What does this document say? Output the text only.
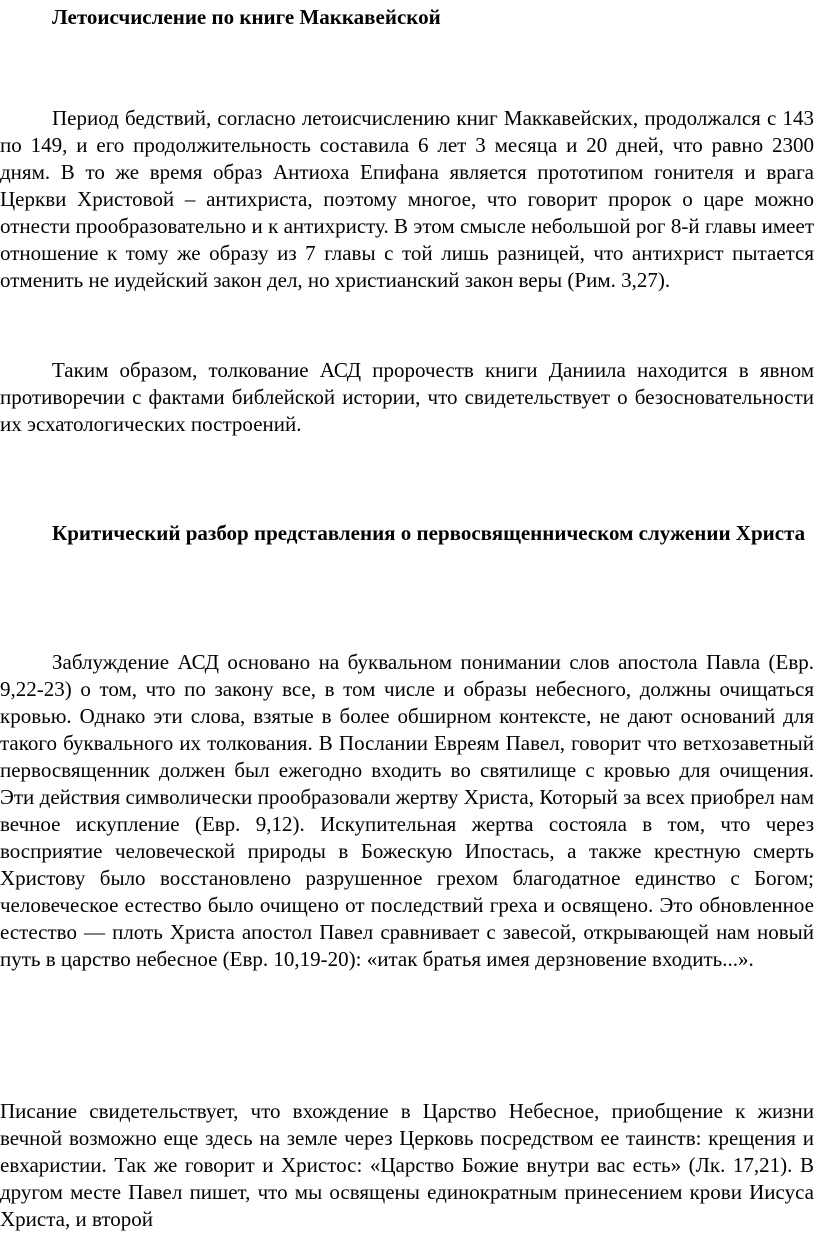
Летоисчисление по книге Маккавейской

Период бедствий, согласно летоисчислению книг Маккавейских, продолжался с 143 по 149, и его продолжительность составила 6 лет 3 месяца и 20 дней, что равно 2300 дням. В то же время образ Антиоха Епифана является прототипом гонителя и врага Церкви Христовой – антихриста, поэтому многое, что говорит пророк о царе можно отнести прообразовательно и к антихристу. В этом смысле небольшой рог 8-й главы имеет отношение к тому же образу из 7 главы с той лишь разницей, что антихрист пытается отменить не иудейский закон дел, но христианский закон веры (Рим. 3,27).

Таким образом, толкование АСД пророчеств книги Даниила находится в явном противоречии с фактами библейской истории, что свидетельствует о безосновательности их эсхатологических построений.

Критический разбор представления о первосвященническом служении Христа

Заблуждение АСД основано на буквальном понимании слов апостола Павла (Евр. 9,22-23) о том, что по закону все, в том числе и образы небесного, должны очищаться кровью. Однако эти слова, взятые в более обширном контексте, не дают оснований для такого буквального их толкования. В Послании Евреям Павел, говорит что ветхозаветный первосвященник должен был ежегодно входить во святилище с кровью для очищения. Эти действия символически прообразовали жертву Христа, Который за всех приобрел нам вечное искупление (Евр. 9,12). Искупительная жертва состояла в том, что через восприятие человеческой природы в Божескую Ипостась, а также крестную смерть Христову было восстановлено разрушенное грехом благодатное единство с Богом; человеческое естество было очищено от последствий греха и освящено. Это обновленное естество — плоть Христа апостол Павел сравнивает с завесой, открывающей нам новый путь в царство небесное (Евр. 10,19-20): «итак братья имея дерзновение входить...».

Писание свидетельствует, что вхождение в Царство Небесное, приобщение к жизни вечной возможно еще здесь на земле через Церковь посредством ее таинств: крещения и евхаристии. Так же говорит и Христос: «Царство Божие внутри вас есть» (Лк. 17,21). В другом месте Павел пишет, что мы освящены единократным принесением крови Иисуса Христа, и второй
